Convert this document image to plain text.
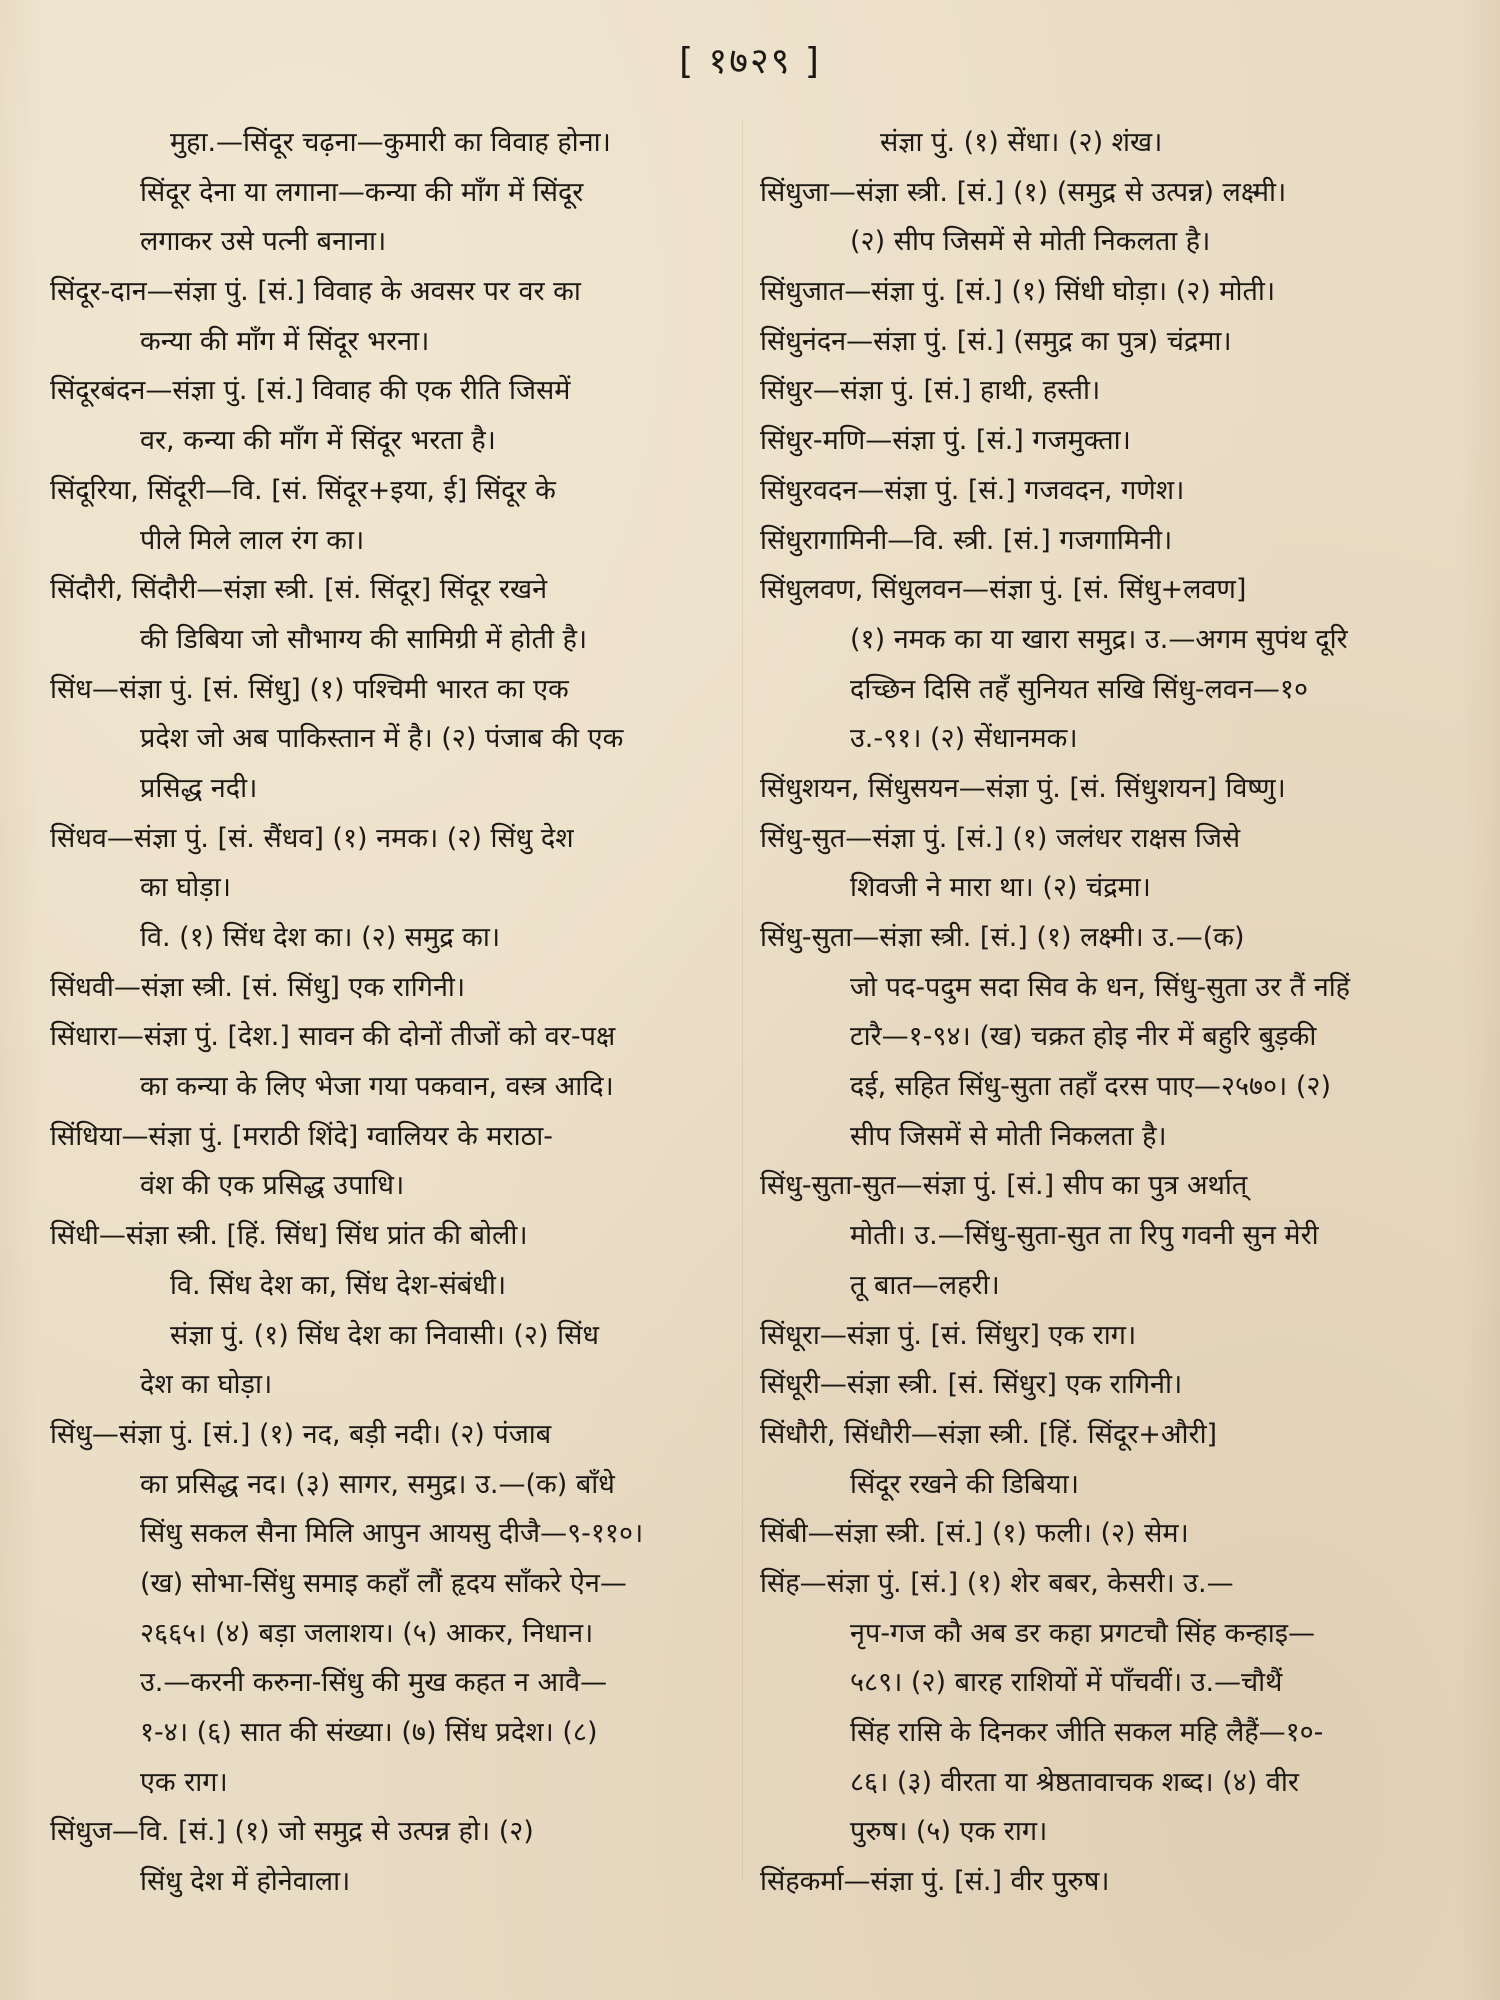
[ १७२९ ]
मुहा.—सिंदूर चढ़ना—कुमारी का विवाह होना।
सिंदूर देना या लगाना—कन्या की माँग में सिंदूर
लगाकर उसे पत्नी बनाना।
सिंदूर-दान—संज्ञा पुं. [सं.] विवाह के अवसर पर वर का
कन्या की माँग में सिंदूर भरना।
सिंदूरबंदन—संज्ञा पुं. [सं.] विवाह की एक रीति जिसमें
वर, कन्या की माँग में सिंदूर भरता है।
सिंदूरिया, सिंदूरी—वि. [सं. सिंदूर+इया, ई] सिंदूर के
पीले मिले लाल रंग का।
सिंदौरी, सिंदौरी—संज्ञा स्त्री. [सं. सिंदूर] सिंदूर रखने
की डिबिया जो सौभाग्य की सामिग्री में होती है।
सिंध—संज्ञा पुं. [सं. सिंधु] (१) पश्चिमी भारत का एक
प्रदेश जो अब पाकिस्तान में है। (२) पंजाब की एक
प्रसिद्ध नदी।
सिंधव—संज्ञा पुं. [सं. सैंधव] (१) नमक। (२) सिंधु देश
का घोड़ा।
वि. (१) सिंध देश का। (२) समुद्र का।
सिंधवी—संज्ञा स्त्री. [सं. सिंधु] एक रागिनी।
सिंधारा—संज्ञा पुं. [देश.] सावन की दोनों तीजों को वर-पक्ष
का कन्या के लिए भेजा गया पकवान, वस्त्र आदि।
सिंधिया—संज्ञा पुं. [मराठी शिंदे] ग्वालियर के मराठा-
वंश की एक प्रसिद्ध उपाधि।
सिंधी—संज्ञा स्त्री. [हिं. सिंध] सिंध प्रांत की बोली।
वि. सिंध देश का, सिंध देश-संबंधी।
संज्ञा पुं. (१) सिंध देश का निवासी। (२) सिंध
देश का घोड़ा।
सिंधु—संज्ञा पुं. [सं.] (१) नद, बड़ी नदी। (२) पंजाब
का प्रसिद्ध नद। (३) सागर, समुद्र। उ.—(क) बाँधे
सिंधु सकल सैना मिलि आपुन आयसु दीजै—९-११०।
(ख) सोभा-सिंधु समाइ कहाँ लौं हृदय साँकरे ऐन—
२६६५। (४) बड़ा जलाशय। (५) आकर, निधान।
उ.—करनी करुना-सिंधु की मुख कहत न आवै—
१-४। (६) सात की संख्या। (७) सिंध प्रदेश। (८)
एक राग।
सिंधुज—वि. [सं.] (१) जो समुद्र से उत्पन्न हो। (२)
सिंधु देश में होनेवाला।
संज्ञा पुं. (१) सेंधा। (२) शंख।
सिंधुजा—संज्ञा स्त्री. [सं.] (१) (समुद्र से उत्पन्न) लक्ष्मी।
(२) सीप जिसमें से मोती निकलता है।
सिंधुजात—संज्ञा पुं. [सं.] (१) सिंधी घोड़ा। (२) मोती।
सिंधुनंदन—संज्ञा पुं. [सं.] (समुद्र का पुत्र) चंद्रमा।
सिंधुर—संज्ञा पुं. [सं.] हाथी, हस्ती।
सिंधुर-मणि—संज्ञा पुं. [सं.] गजमुक्ता।
सिंधुरवदन—संज्ञा पुं. [सं.] गजवदन, गणेश।
सिंधुरागामिनी—वि. स्त्री. [सं.] गजगामिनी।
सिंधुलवण, सिंधुलवन—संज्ञा पुं. [सं. सिंधु+लवण]
(१) नमक का या खारा समुद्र। उ.—अगम सुपंथ दूरि
दच्छिन दिसि तहँ सुनियत सखि सिंधु-लवन—१०
उ.-९१। (२) सेंधानमक।
सिंधुशयन, सिंधुसयन—संज्ञा पुं. [सं. सिंधुशयन] विष्णु।
सिंधु-सुत—संज्ञा पुं. [सं.] (१) जलंधर राक्षस जिसे
शिवजी ने मारा था। (२) चंद्रमा।
सिंधु-सुता—संज्ञा स्त्री. [सं.] (१) लक्ष्मी। उ.—(क)
जो पद-पदुम सदा सिव के धन, सिंधु-सुता उर तैं नहिं
टारै—१-९४। (ख) चक्रत होइ नीर में बहुरि बुड़की
दई, सहित सिंधु-सुता तहाँ दरस पाए—२५७०। (२)
सीप जिसमें से मोती निकलता है।
सिंधु-सुता-सुत—संज्ञा पुं. [सं.] सीप का पुत्र अर्थात्
मोती। उ.—सिंधु-सुता-सुत ता रिपु गवनी सुन मेरी
तू बात—लहरी।
सिंधूरा—संज्ञा पुं. [सं. सिंधुर] एक राग।
सिंधूरी—संज्ञा स्त्री. [सं. सिंधुर] एक रागिनी।
सिंधौरी, सिंधौरी—संज्ञा स्त्री. [हिं. सिंदूर+औरी]
सिंदूर रखने की डिबिया।
सिंबी—संज्ञा स्त्री. [सं.] (१) फली। (२) सेम।
सिंह—संज्ञा पुं. [सं.] (१) शेर बबर, केसरी। उ.—
नृप-गज कौ अब डर कहा प्रगटचौ सिंह कन्हाइ—
५८९। (२) बारह राशियों में पाँचवीं। उ.—चौथैं
सिंह रासि के दिनकर जीति सकल महि लैहैं—१०-
८६। (३) वीरता या श्रेष्ठतावाचक शब्द। (४) वीर
पुरुष। (५) एक राग।
सिंहकर्मा—संज्ञा पुं. [सं.] वीर पुरुष।
